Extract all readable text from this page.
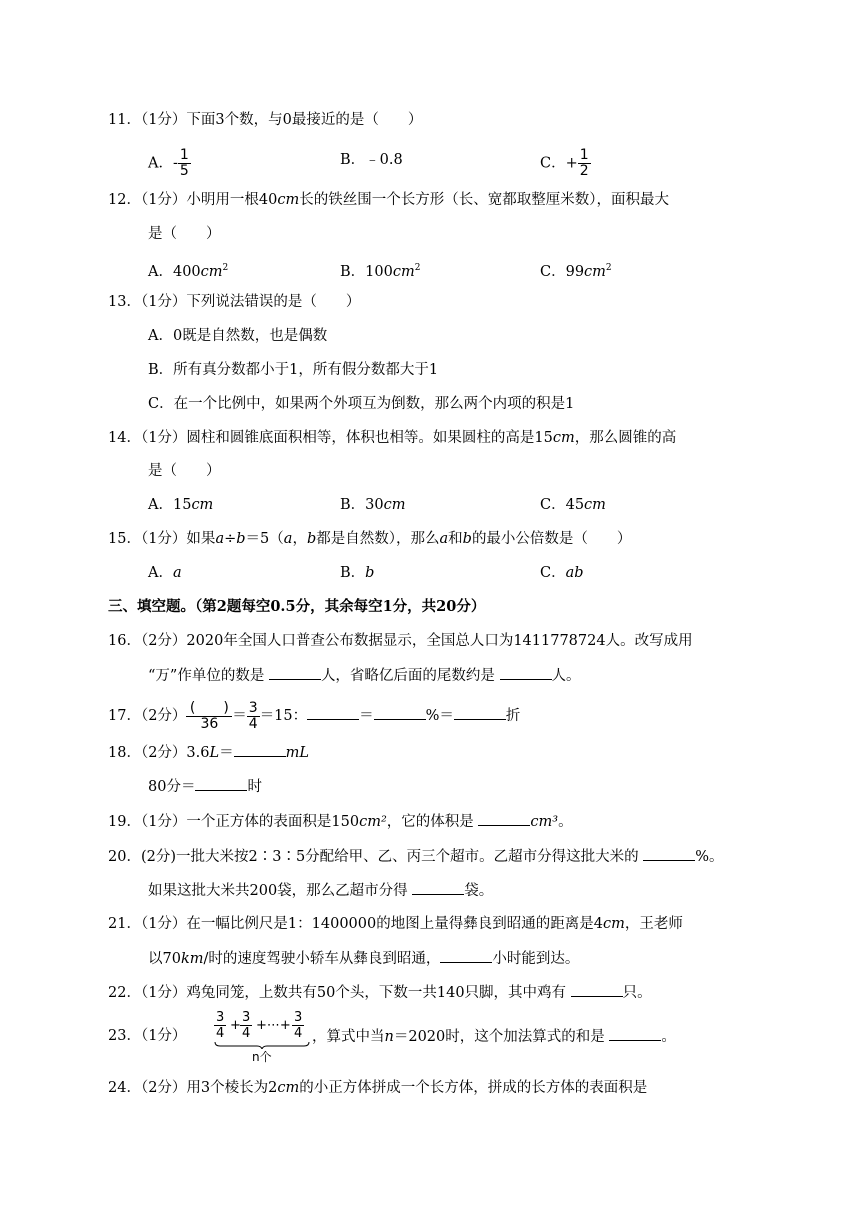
11．（1分）下面3个数，与0最接近的是（　　）
A．- $\frac{1}{5}$	B．﹣0.8	C．+ $\frac{1}{2}$
12．（1分）小明用一根40cm长的铁丝围一个长方形（长、宽都取整厘米数），面积最大
是（　　）
A．$400cm^2$	B．$100cm^2$	C．$99cm^2$
13．（1分）下列说法错误的是（　　）
A．0既是自然数，也是偶数
B．所有真分数都小于1，所有假分数都大于1
C．在一个比例中，如果两个外项互为倒数，那么两个内项的积是1
14．（1分）圆柱和圆锥底面积相等，体积也相等。如果圆柱的高是15cm，那么圆锥的高
是（　　）
A．15cm	B．30cm	C．45cm
15．（1分）如果a÷b＝5（a，b都是自然数），那么a和b的最小公倍数是（　　）
A．a	B．b	C．ab
三、填空题。（第2题每空0.5分，其余每空1分，共20分）
16．（2分）2020年全国人口普查公布数据显示，全国总人口为1411778724人。改写成用
“万”作单位的数是	人，省略亿后面的尾数约是	人。
17．（2分） $\frac{( )}{36} = \frac{3}{4} =15$：	＝	%＝	折
18．（2分）3.6L＝	mL
80分＝	时
19．（1分）一个正方体的表面积是150cm²，它的体积是	cm³。
20．(2分)一批大米按2∶3∶5分配给甲、乙、丙三个超市。乙超市分得这批大米的	%。
如果这批大米共200袋，那么乙超市分得	袋。
21．（1分）在一幅比例尺是1：1400000的地图上量得彝良到昭通的距离是4cm，王老师
以70km/时的速度驾驶小轿车从彝良到昭通，	小时能到达。
22．（1分）鸡兔同笼，上数共有50个头，下数一共140只脚，其中鸡有	只。
23．（1分） $\frac{3}{4} + \frac{3}{4}$ +⋯+ $\frac{3}{4}$
n个
，算式中当n＝2020时，这个加法算式的和是	。
24．（2分）用3个棱长为2cm的小正方体拼成一个长方体，拼成的长方体的表面积是
